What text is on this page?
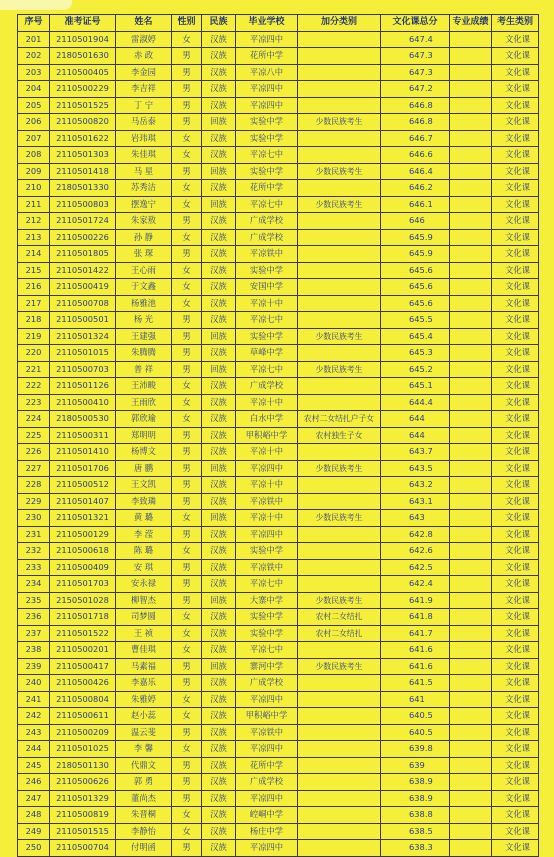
序号	准考证号	姓名	性别	民族	毕业学校	加分类别	文化课总分	专业成绩	考生类别
201	2110501904	雷淑婷	女	汉族	平凉四中		647.4		文化课
202	2180501630	赤 政	男	汉族	花所中学		647.3		文化课
203	2110500405	李金园	男	汉族	平凉八中		647.3		文化课
204	2110500229	李吉祥	男	汉族	平凉四中		647.2		文化课
205	2110501525	丁 宁	男	汉族	平凉四中		646.8		文化课
206	2110500820	马岳泰	男	回族	实验中学	少数民族考生	646.8		文化课
207	2110501622	岩玮琪	女	汉族	实验中学		646.7		文化课
208	2110501303	朱佳琪	女	汉族	平凉七中		646.6		文化课
209	2110501418	马 星	男	回族	实验中学	少数民族考生	646.4		文化课
210	2180501330	苏秀洁	女	汉族	花所中学		646.2		文化课
211	2110500803	摆逸宁	女	回族	平凉七中	少数民族考生	646.1		文化课
212	2110501724	朱家敖	男	汉族	广成学校		646		文化课
213	2110500226	孙 静	女	汉族	广成学校		645.9		文化课
214	2110501805	张 琛	男	汉族	平凉铁中		645.9		文化课
215	2110501422	王心雨	女	汉族	实验中学		645.6		文化课
216	2110500419	于文鑫	女	汉族	安国中学		645.6		文化课
217	2110500708	杨雅池	女	汉族	平凉十中		645.6		文化课
218	2110500501	杨 光	男	汉族	平凉七中		645.5		文化课
219	2110501324	王建强	男	回族	实验中学	少数民族考生	645.4		文化课
220	2110501015	朱腾腾	男	汉族	草峰中学		645.3		文化课
221	2110500703	普 祥	男	回族	平凉七中	少数民族考生	645.2		文化课
222	2110501126	王沛畯	女	汉族	广成学校		645.1		文化课
223	2110500410	王雨欣	女	汉族	平凉十中		644.4		文化课
224	2180500530	郭欣瑜	女	汉族	白水中学	农村二女结扎户子女	644		文化课
225	2110500311	郑明明	男	汉族	甲积峪中学	农村独生子女	644		文化课
226	2110501410	杨博文	男	汉族	平凉十中		643.7		文化课
227	2110501706	唐 鹏	男	回族	平凉四中	少数民族考生	643.5		文化课
228	2110500512	王文凯	男	汉族	平凉十中		643.2		文化课
229	2110501407	李致璘	男	汉族	平凉铁中		643.1		文化课
230	2110501321	黄 璐	女	回族	平凉十中	少数民族考生	643		文化课
231	2110500129	李 滢	男	汉族	平凉四中		642.8		文化课
232	2110500618	陈 璐	女	汉族	实验中学		642.6		文化课
233	2110500409	安 琪	男	汉族	平凉铁中		642.5		文化课
234	2110501703	安永禄	男	汉族	平凉七中		642.4		文化课
235	2150501028	柳智杰	男	回族	大寨中学	少数民族考生	641.9		文化课
236	2110501718	司梦圆	女	汉族	实验中学	农村二女结扎	641.8		文化课
237	2110501522	王 祯	女	汉族	实验中学	农村二女结扎	641.7		文化课
238	2110500201	曹佳琪	女	汉族	平凉七中		641.6		文化课
239	2110500417	马素福	男	回族	寨河中学	少数民族考生	641.6		文化课
240	2110500426	李嘉乐	男	汉族	广成学校		641.5		文化课
241	2110500804	朱雅婷	女	汉族	平凉四中		641		文化课
242	2110500611	赵小蕊	女	汉族	甲积峪中学		640.5		文化课
243	2110500209	温云斐	男	汉族	平凉铁中		640.5		文化课
244	2110501025	李 馨	女	汉族	平凉四中		639.8		文化课
245	2180501130	代鼎文	男	汉族	花所中学		639		文化课
246	2110500626	郭 勇	男	汉族	广成学校		638.9		文化课
247	2110501329	董尚杰	男	汉族	平凉四中		638.9		文化课
248	2110500819	朱晋桐	女	汉族	崆峒中学		638.8		文化课
249	2110501515	李静怡	女	汉族	杨庄中学		638.5		文化课
250	2110500704	付明函	男	汉族	平凉四中		638.3		文化课
